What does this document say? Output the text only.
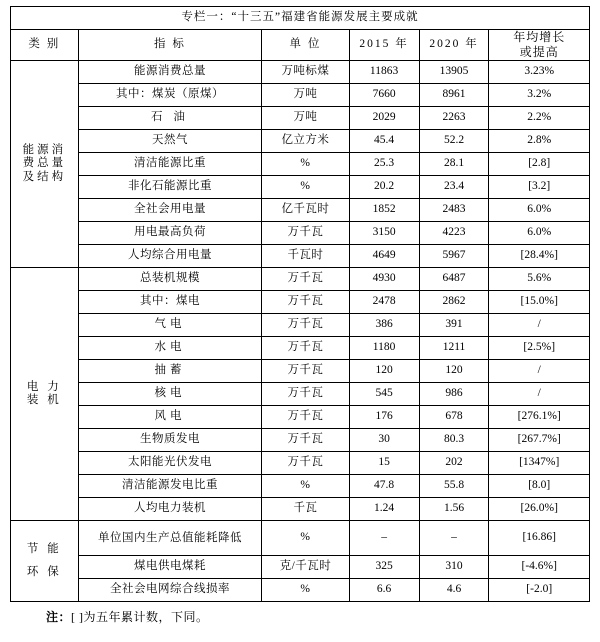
专栏一：“十三五”福建省能源发展主要成就					
类 别	指 标	单 位	2015 年	2020 年	年均增长
或提高

能源消
费总量
及结构	能源消费总量	万吨标煤	11863	13905	3.23%
	其中：煤炭（原煤）	万吨	7660	8961	3.2%
	石 油	万吨	2029	2263	2.2%
	天然气	亿立方米	45.4	52.2	2.8%
	清洁能源比重	%	25.3	28.1	[2.8]
	非化石能源比重	%	20.2	23.4	[3.2]
	全社会用电量	亿千瓦时	1852	2483	6.0%
	用电最高负荷	万千瓦	3150	4223	6.0%
	人均综合用电量	千瓦时	4649	5967	[28.4%]

电 力
装 机	总装机规模	万千瓦	4930	6487	5.6%
	其中：煤电	万千瓦	2478	2862	[15.0%]
	气电	万千瓦	386	391	/
	水电	万千瓦	1180	1211	[2.5%]
	抽蓄	万千瓦	120	120	/
	核电	万千瓦	545	986	/
	风电	万千瓦	176	678	[276.1%]
	生物质发电	万千瓦	30	80.3	[267.7%]
	太阳能光伏发电	万千瓦	15	202	[1347%]
	清洁能源发电比重	%	47.8	55.8	[8.0]
	人均电力装机	千瓦	1.24	1.56	[26.0%]

节 能
环 保	单位国内生产总值能耗降低	%	–	–	[16.86]
	煤电供电煤耗	克/千瓦时	325	310	[-4.6%]
	全社会电网综合线损率	%	6.6	4.6	[-2.0]
注：[ ]为五年累计数，下同。
